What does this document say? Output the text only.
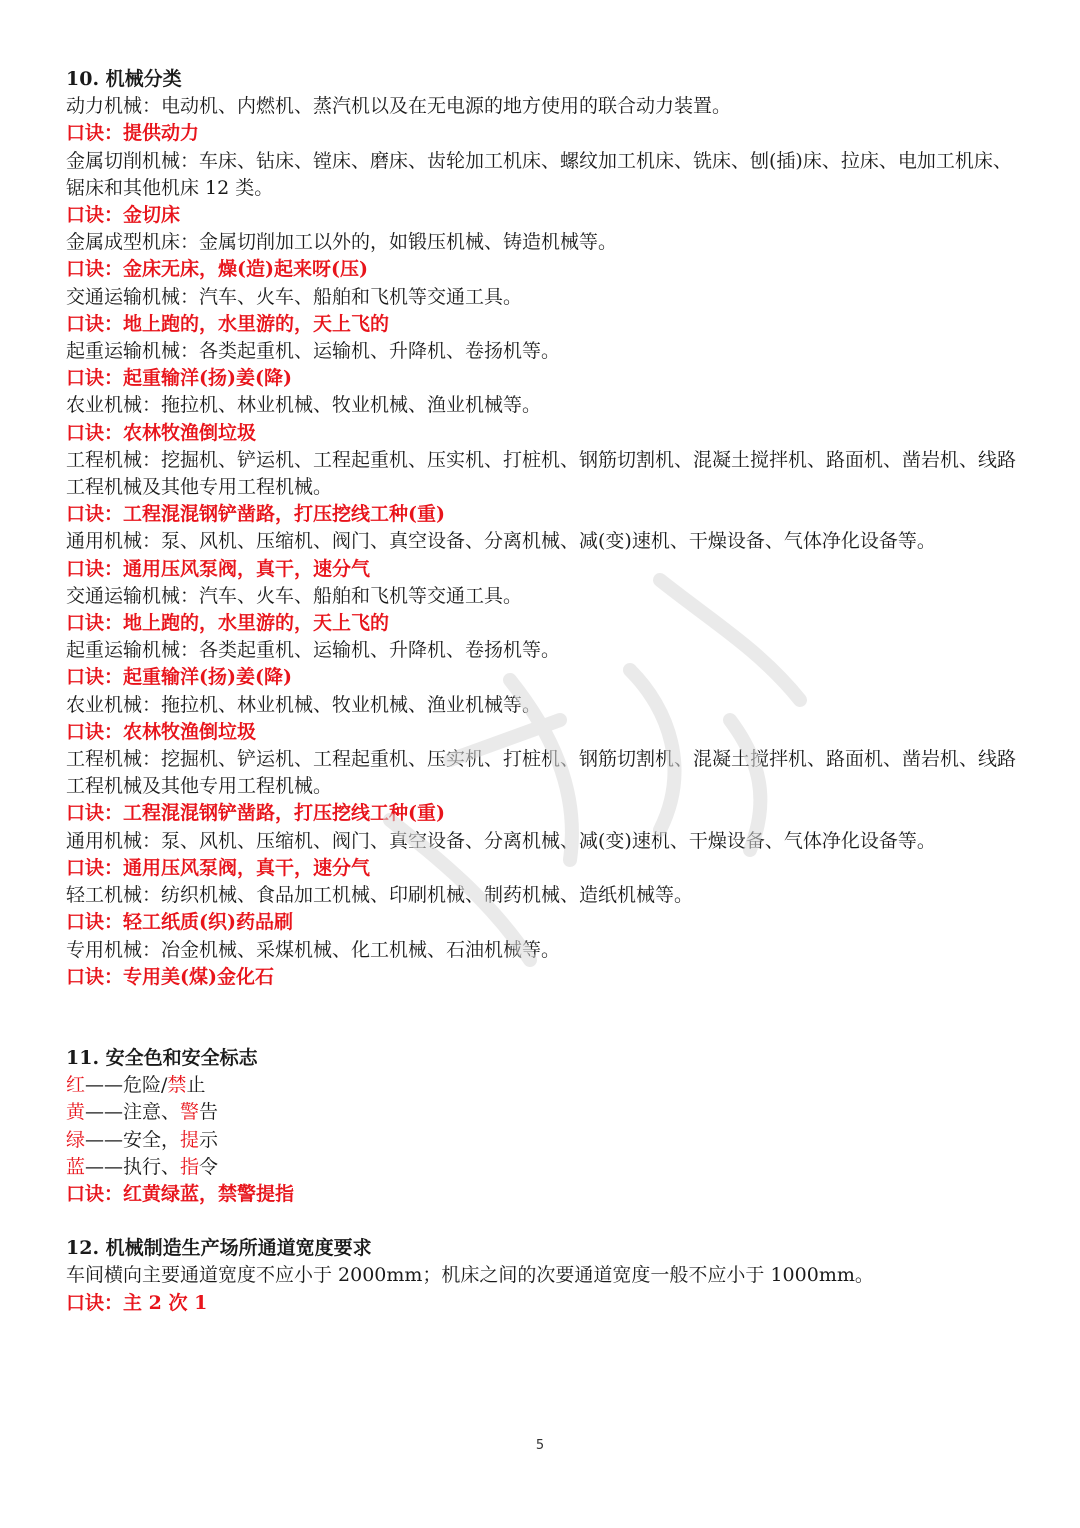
10. 机械分类

动力机械：电动机、内燃机、蒸汽机以及在无电源的地方使用的联合动力装置。

口诀：提供动力

金属切削机械：车床、钻床、镗床、磨床、齿轮加工机床、螺纹加工机床、铣床、刨(插)床、拉床、电加工机床、锯床和其他机床 12 类。

口诀：金切床

金属成型机床：金属切削加工以外的，如锻压机械、铸造机械等。

口诀：金床无床，燥(造)起来呀(压)

交通运输机械：汽车、火车、船舶和飞机等交通工具。

口诀：地上跑的，水里游的，天上飞的

起重运输机械：各类起重机、运输机、升降机、卷扬机等。

口诀：起重输洋(扬)姜(降)

农业机械：拖拉机、林业机械、牧业机械、渔业机械等。

口诀：农林牧渔倒垃圾

工程机械：挖掘机、铲运机、工程起重机、压实机、打桩机、钢筋切割机、混凝土搅拌机、路面机、凿岩机、线路工程机械及其他专用工程机械。

口诀：工程混混钢铲凿路，打压挖线工种(重)

通用机械：泵、风机、压缩机、阀门、真空设备、分离机械、减(变)速机、干燥设备、气体净化设备等。

口诀：通用压风泵阀，真干，速分气

交通运输机械：汽车、火车、船舶和飞机等交通工具。

口诀：地上跑的，水里游的，天上飞的

起重运输机械：各类起重机、运输机、升降机、卷扬机等。

口诀：起重输洋(扬)姜(降)

农业机械：拖拉机、林业机械、牧业机械、渔业机械等。

口诀：农林牧渔倒垃圾

工程机械：挖掘机、铲运机、工程起重机、压实机、打桩机、钢筋切割机、混凝土搅拌机、路面机、凿岩机、线路工程机械及其他专用工程机械。

口诀：工程混混钢铲凿路，打压挖线工种(重)

通用机械：泵、风机、压缩机、阀门、真空设备、分离机械、减(变)速机、干燥设备、气体净化设备等。

口诀：通用压风泵阀，真干，速分气

轻工机械：纺织机械、食品加工机械、印刷机械、制药机械、造纸机械等。

口诀：轻工纸质(织)药品刷

专用机械：冶金机械、采煤机械、化工机械、石油机械等。

口诀：专用美(煤)金化石

11. 安全色和安全标志

红——危险/禁止

黄——注意、警告

绿——安全，提示

蓝——执行、指令

口诀：红黄绿蓝，禁警提指

12. 机械制造生产场所通道宽度要求

车间横向主要通道宽度不应小于 2000mm；机床之间的次要通道宽度一般不应小于 1000mm。

口诀：主 2 次 1

5
